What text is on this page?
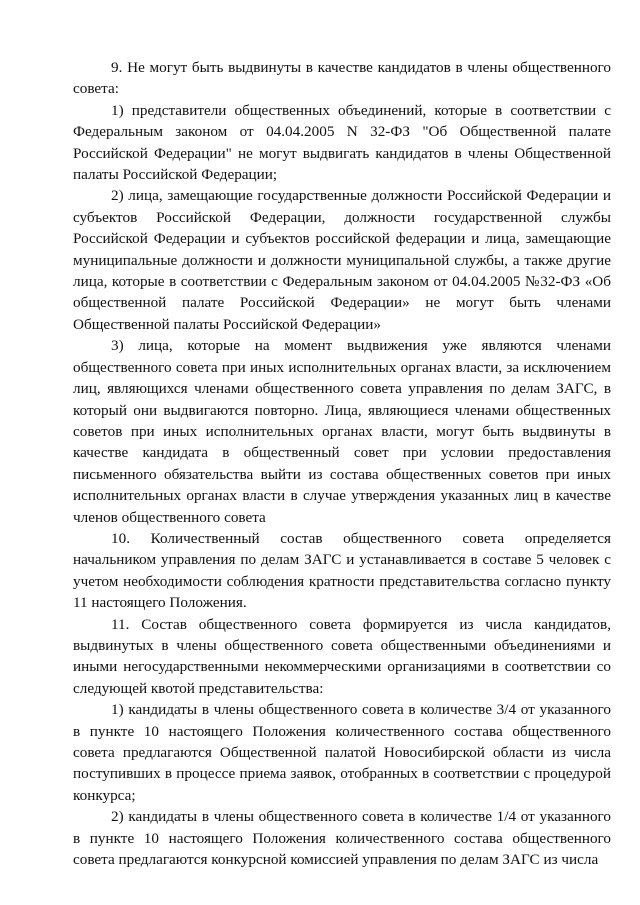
9. Не могут быть выдвинуты в качестве кандидатов в члены общественного совета:

1) представители общественных объединений, которые в соответствии с Федеральным законом от 04.04.2005 N 32-ФЗ "Об Общественной палате Российской Федерации" не могут выдвигать кандидатов в члены Общественной палаты Российской Федерации;

2) лица, замещающие государственные должности Российской Федерации и субъектов Российской Федерации, должности государственной службы Российской Федерации и субъектов российской федерации и лица, замещающие муниципальные должности и должности муниципальной службы, а также другие лица, которые в соответствии с Федеральным законом от 04.04.2005 №32-ФЗ «Об общественной палате Российской Федерации» не могут быть членами Общественной палаты Российской Федерации»

3) лица, которые на момент выдвижения уже являются членами общественного совета при иных исполнительных органах власти, за исключением лиц, являющихся членами общественного совета управления по делам ЗАГС, в который они выдвигаются повторно. Лица, являющиеся членами общественных советов при иных исполнительных органах власти, могут быть выдвинуты в качестве кандидата в общественный совет при условии предоставления письменного обязательства выйти из состава общественных советов при иных исполнительных органах власти в случае утверждения указанных лиц в качестве членов общественного совета

10. Количественный состав общественного совета определяется начальником управления по делам ЗАГС и устанавливается в составе 5 человек с учетом необходимости соблюдения кратности представительства согласно пункту 11 настоящего Положения.

11. Состав общественного совета формируется из числа кандидатов, выдвинутых в члены общественного совета общественными объединениями и иными негосударственными некоммерческими организациями в соответствии со следующей квотой представительства:

1) кандидаты в члены общественного совета в количестве 3/4 от указанного в пункте 10 настоящего Положения количественного состава общественного совета предлагаются Общественной палатой Новосибирской области из числа поступивших в процессе приема заявок, отобранных в соответствии с процедурой конкурса;

2) кандидаты в члены общественного совета в количестве 1/4 от указанного в пункте 10 настоящего Положения количественного состава общественного совета предлагаются конкурсной комиссией управления по делам ЗАГС из числа
